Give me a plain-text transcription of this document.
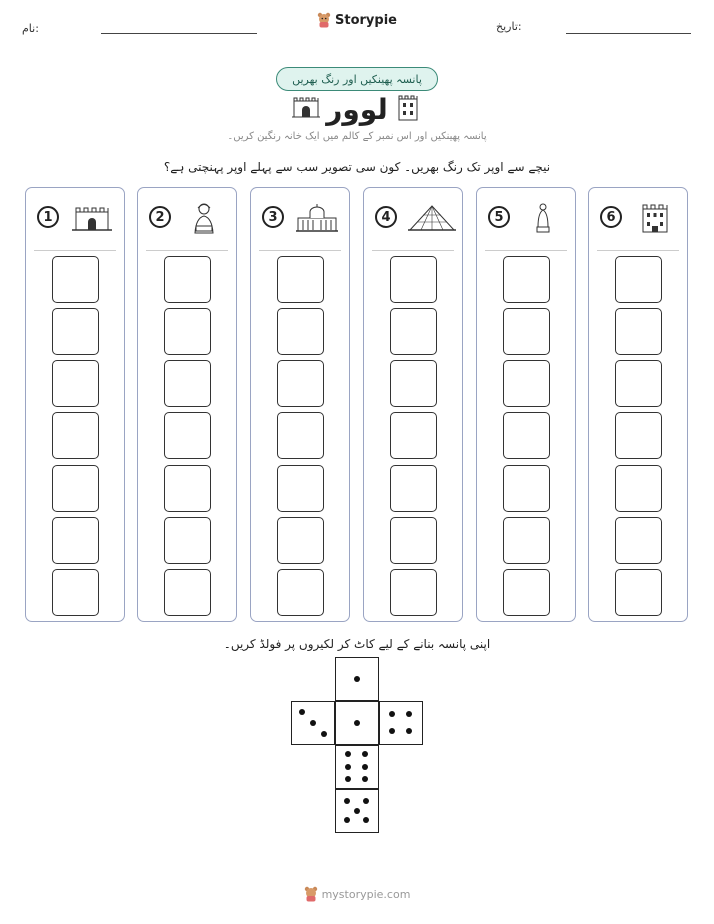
تاریخ:
نام:
Storypie
پانسہ پھینکیں اور رنگ بھریں
لوور
پانسہ پھینکیں اور اس نمبر کے کالم میں ایک خانہ رنگین کریں۔
نیچے سے اوپر تک رنگ بھریں۔ کون سی تصویر سب سے پہلے اوپر پہنچتی ہے؟
1	2	3	4	5	6
اپنی پانسہ بنانے کے لیے کاٹ کر لکیروں پر فولڈ کریں۔
mystorypie.com
